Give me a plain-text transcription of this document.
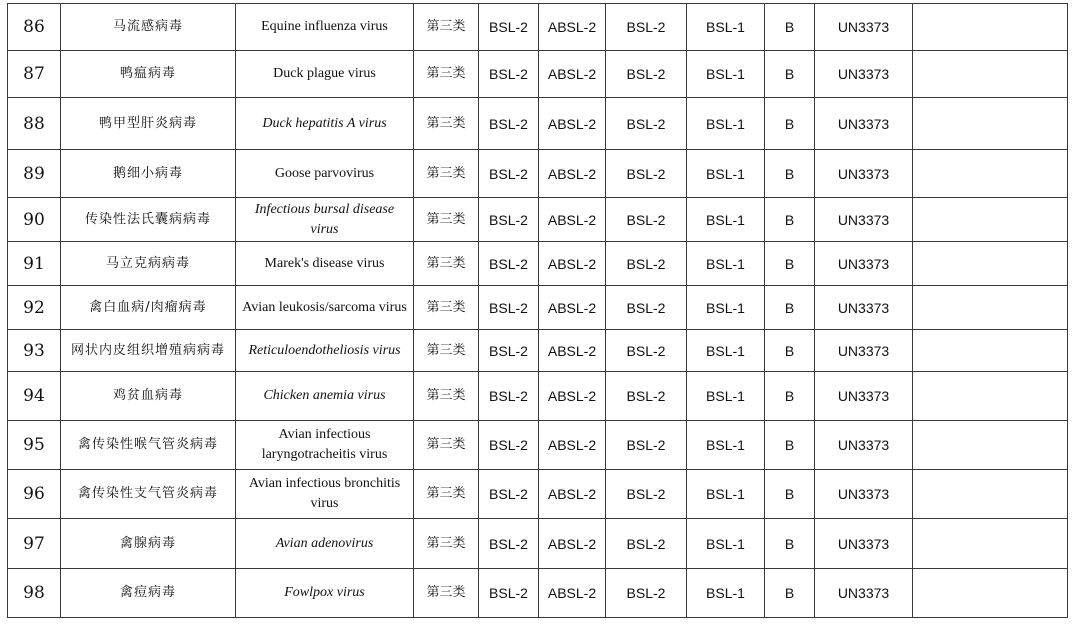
86	马流感病毒	Equine influenza virus	第三类	BSL-2	ABSL-2	BSL-2	BSL-1	B	UN3373	
87	鸭瘟病毒	Duck plague virus	第三类	BSL-2	ABSL-2	BSL-2	BSL-1	B	UN3373	
88	鸭甲型肝炎病毒	Duck hepatitis A virus	第三类	BSL-2	ABSL-2	BSL-2	BSL-1	B	UN3373	
89	鹅细小病毒	Goose parvovirus	第三类	BSL-2	ABSL-2	BSL-2	BSL-1	B	UN3373	
90	传染性法氏囊病病毒	Infectious bursal disease virus	第三类	BSL-2	ABSL-2	BSL-2	BSL-1	B	UN3373	
91	马立克病病毒	Marek's disease virus	第三类	BSL-2	ABSL-2	BSL-2	BSL-1	B	UN3373	
92	禽白血病/肉瘤病毒	Avian leukosis/sarcoma virus	第三类	BSL-2	ABSL-2	BSL-2	BSL-1	B	UN3373	
93	网状内皮组织增殖病病毒	Reticuloendotheliosis virus	第三类	BSL-2	ABSL-2	BSL-2	BSL-1	B	UN3373	
94	鸡贫血病毒	Chicken anemia virus	第三类	BSL-2	ABSL-2	BSL-2	BSL-1	B	UN3373	
95	禽传染性喉气管炎病毒	Avian infectious laryngotracheitis virus	第三类	BSL-2	ABSL-2	BSL-2	BSL-1	B	UN3373	
96	禽传染性支气管炎病毒	Avian infectious bronchitis virus	第三类	BSL-2	ABSL-2	BSL-2	BSL-1	B	UN3373	
97	禽腺病毒	Avian adenovirus	第三类	BSL-2	ABSL-2	BSL-2	BSL-1	B	UN3373	
98	禽痘病毒	Fowlpox virus	第三类	BSL-2	ABSL-2	BSL-2	BSL-1	B	UN3373	
